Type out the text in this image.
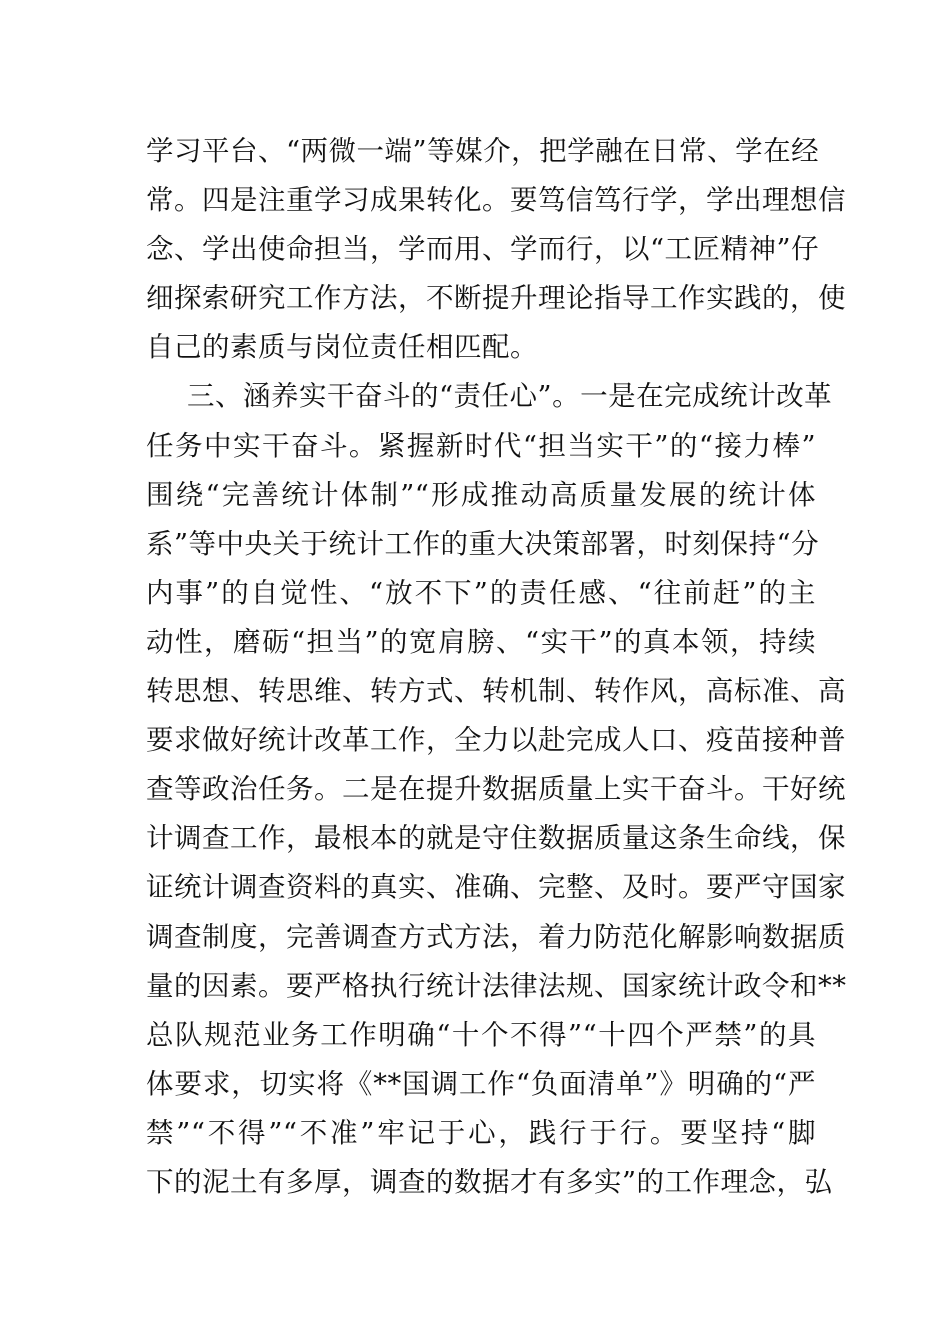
学习平台、“两微一端”等媒介，把学融在日常、学在经
常。四是注重学习成果转化。要笃信笃行学，学出理想信
念、学出使命担当，学而用、学而行，以“工匠精神”仔
细探索研究工作方法，不断提升理论指导工作实践的，使
自己的素质与岗位责任相匹配。
三、涵养实干奋斗的“责任心”。一是在完成统计改革
任务中实干奋斗。紧握新时代“担当实干”的“接力棒”
围绕“完善统计体制”“形成推动高质量发展的统计体
系”等中央关于统计工作的重大决策部署，时刻保持“分
内事”的自觉性、“放不下”的责任感、“往前赶”的主
动性，磨砺“担当”的宽肩膀、“实干”的真本领，持续
转思想、转思维、转方式、转机制、转作风，高标准、高
要求做好统计改革工作，全力以赴完成人口、疫苗接种普
查等政治任务。二是在提升数据质量上实干奋斗。干好统
计调查工作，最根本的就是守住数据质量这条生命线，保
证统计调查资料的真实、准确、完整、及时。要严守国家
调查制度，完善调查方式方法，着力防范化解影响数据质
量的因素。要严格执行统计法律法规、国家统计政令和**
总队规范业务工作明确“十个不得”“十四个严禁”的具
体要求，切实将《**国调工作“负面清单”》明确的“严
禁”“不得”“不准”牢记于心，践行于行。要坚持“脚
下的泥土有多厚，调查的数据才有多实”的工作理念，弘
